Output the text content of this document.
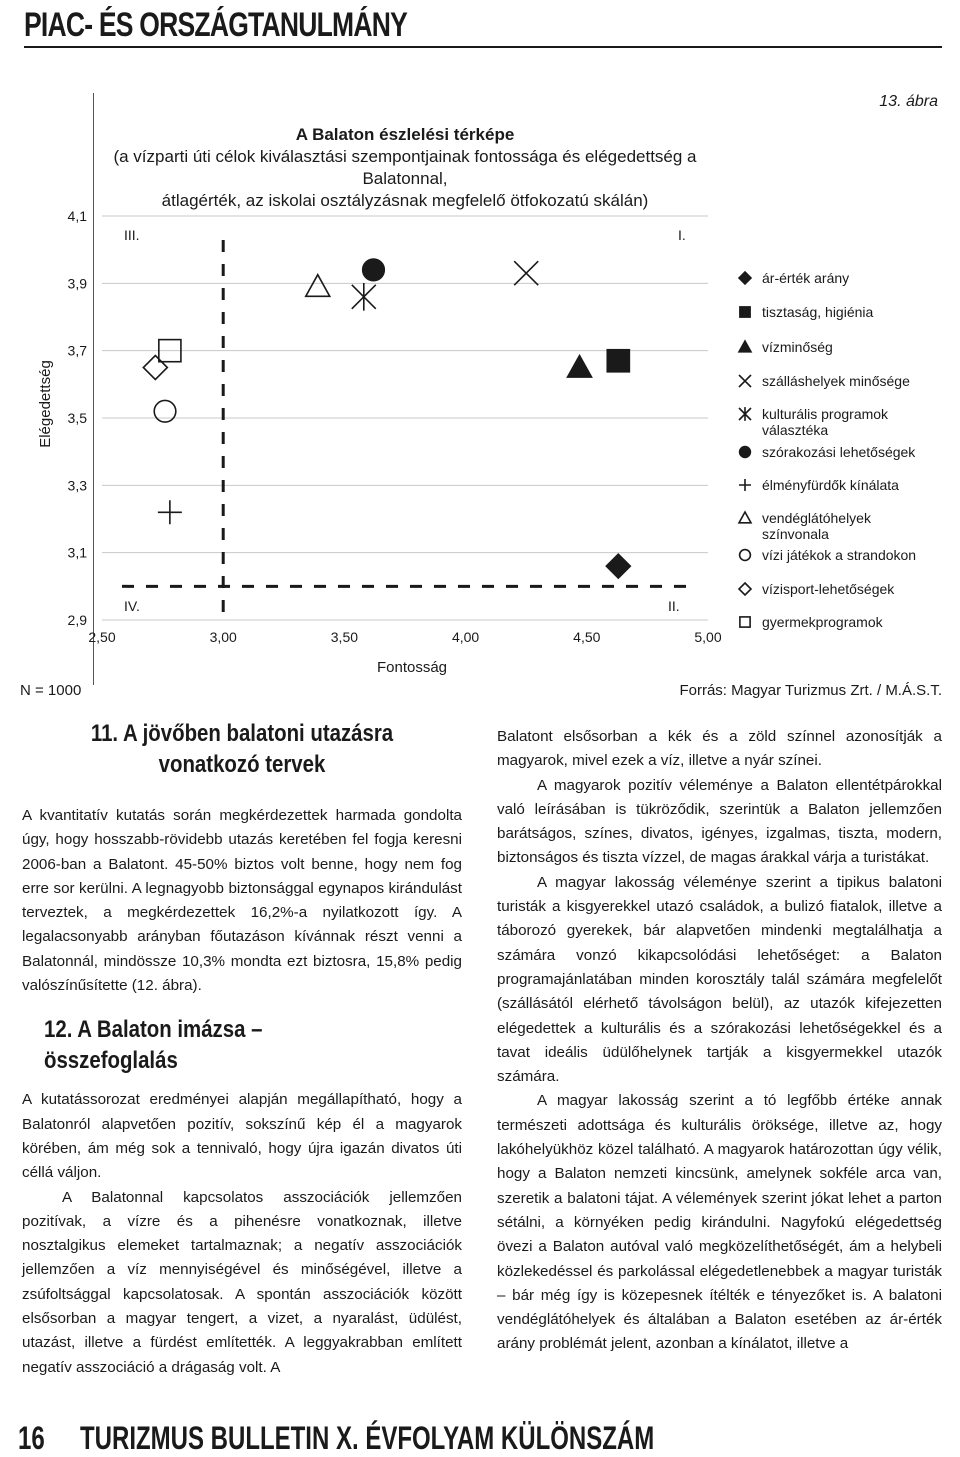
PIAC- ÉS ORSZÁGTANULMÁNY
13. ábra
A Balaton észlelési térképe
(a vízparti úti célok kiválasztási szempontjainak fontossága és elégedettség a Balatonnal,
átlagérték, az iskolai osztályzásnak megfelelő ötfokozatú skálán)
4,1
3,9
3,7
3,5
3,3
3,1
2,9
2,50	3,00	3,50	4,00	4,50	5,00
Fontosság
Elégedettség
III.	I.
IV.	II.
ár-érték arány
tisztaság, higiénia
vízminőség
szálláshelyek minősége
kulturális programok
választéka
szórakozási lehetőségek
élményfürdők kínálata
vendéglátóhelyek
színvonala
vízi játékok a strandokon
vízisport-lehetőségek
gyermekprogramok
N = 1000	Forrás: Magyar Turizmus Zrt. / M.Á.S.T.
11. A jövőben balatoni utazásra
vonatkozó tervek

A kvantitatív kutatás során megkérdezettek harmada gondolta úgy, hogy hosszabb-rövidebb utazás keretében fel fogja keresni 2006-ban a Balatont. 45-50% biztos volt benne, hogy nem fog erre sor kerülni. A legnagyobb biztonsággal egynapos kirándulást terveztek, a megkérdezettek 16,2%-a nyilatkozott így. A legalacsonyabb arányban főutazáson kívánnak részt venni a Balatonnál, mindössze 10,3% mondta ezt biztosra, 15,8% pedig valószínűsítette (12. ábra).

12. A Balaton imázsa – összefoglalás

A kutatássorozat eredményei alapján megállapítható, hogy a Balatonról alapvetően pozitív, sokszínű kép él a magyarok körében, ám még sok a tennivaló, hogy újra igazán divatos úti céllá váljon.

A Balatonnal kapcsolatos asszociációk jellemzően pozitívak, a vízre és a pihenésre vonatkoznak, illetve nosztalgikus elemeket tartalmaznak; a negatív asszociációk jellemzően a víz mennyiségével és minőségével, illetve a zsúfoltsággal kapcsolatosak. A spontán asszociációk között elsősorban a magyar tengert, a vizet, a nyaralást, üdülést, utazást, illetve a fürdést említették. A leggyakrabban említett negatív asszociáció a drágaság volt. A

Balatont elsősorban a kék és a zöld színnel azonosítják a magyarok, mivel ezek a víz, illetve a nyár színei.

A magyarok pozitív véleménye a Balaton ellentétpárokkal való leírásában is tükröződik, szerintük a Balaton jellemzően barátságos, színes, divatos, igényes, izgalmas, tiszta, modern, biztonságos és tiszta vízzel, de magas árakkal várja a turistákat.

A magyar lakosság véleménye szerint a tipikus balatoni turisták a kisgyerekkel utazó családok, a bulizó fiatalok, illetve a táborozó gyerekek, bár alapvetően mindenki megtalálhatja a számára vonzó kikapcsolódási lehetőséget: a Balaton programajánlatában minden korosztály talál számára megfelelőt (szállásától elérhető távolságon belül), az utazók kifejezetten elégedettek a kulturális és a szórakozási lehetőségekkel és a tavat ideális üdülőhelynek tartják a kisgyermekkel utazók számára.

A magyar lakosság szerint a tó legfőbb értéke annak természeti adottsága és kulturális öröksége, illetve az, hogy lakóhelyükhöz közel található. A magyarok határozottan úgy vélik, hogy a Balaton nemzeti kincsünk, amelynek sokféle arca van, szeretik a balatoni tájat. A vélemények szerint jókat lehet a parton sétálni, a környéken pedig kirándulni. Nagyfokú elégedettség övezi a Balaton autóval való megközelíthetőségét, ám a helybeli közlekedéssel és parkolással elégedetlenebbek a magyar turisták – bár még így is közepesnek ítélték e tényezőket is. A balatoni vendéglátóhelyek és általában a Balaton esetében az ár-érték arány problémát jelent, azonban a kínálatot, illetve a

16 TURIZMUS BULLETIN X. ÉVFOLYAM KÜLÖNSZÁM
